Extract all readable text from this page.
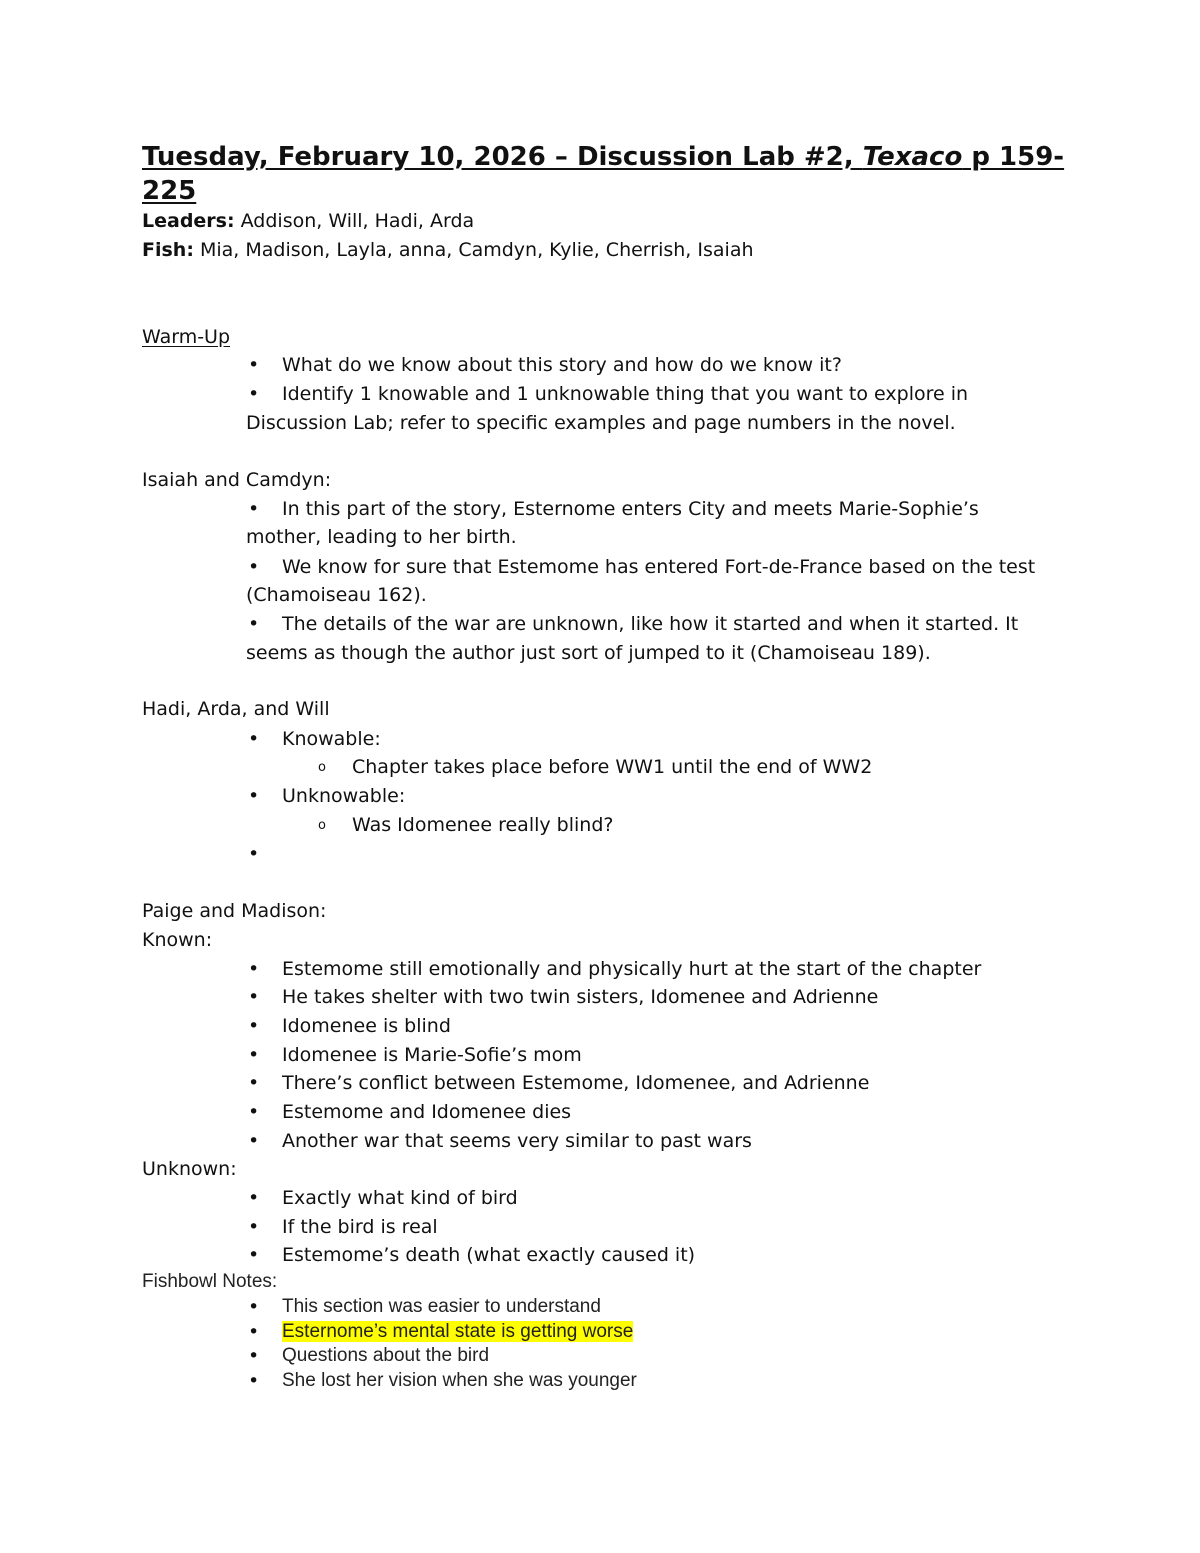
Tuesday, February 10, 2026 – Discussion Lab #2, Texaco p 159-225
Leaders: Addison, Will, Hadi, Arda
Fish: Mia, Madison, Layla, anna, Camdyn, Kylie, Cherrish, Isaiah
Warm-Up
• What do we know about this story and how do we know it?
• Identify 1 knowable and 1 unknowable thing that you want to explore in
Discussion Lab; refer to specific examples and page numbers in the novel.
Isaiah and Camdyn:
• In this part of the story, Esternome enters City and meets Marie-Sophie’s
mother, leading to her birth.
• We know for sure that Estemome has entered Fort-de-France based on the test
(Chamoiseau 162).
• The details of the war are unknown, like how it started and when it started. It
seems as though the author just sort of jumped to it (Chamoiseau 189).
Hadi, Arda, and Will
• Knowable:
o Chapter takes place before WW1 until the end of WW2
• Unknowable:
o Was Idomenee really blind?
•
Paige and Madison:
Known:
• Estemome still emotionally and physically hurt at the start of the chapter
• He takes shelter with two twin sisters, Idomenee and Adrienne
• Idomenee is blind
• Idomenee is Marie-Sofie’s mom
• There’s conflict between Estemome, Idomenee, and Adrienne
• Estemome and Idomenee dies
• Another war that seems very similar to past wars
Unknown:
• Exactly what kind of bird
• If the bird is real
• Estemome’s death (what exactly caused it)
Fishbowl Notes:
• This section was easier to understand
• Esternome’s mental state is getting worse
• Questions about the bird
• She lost her vision when she was younger
